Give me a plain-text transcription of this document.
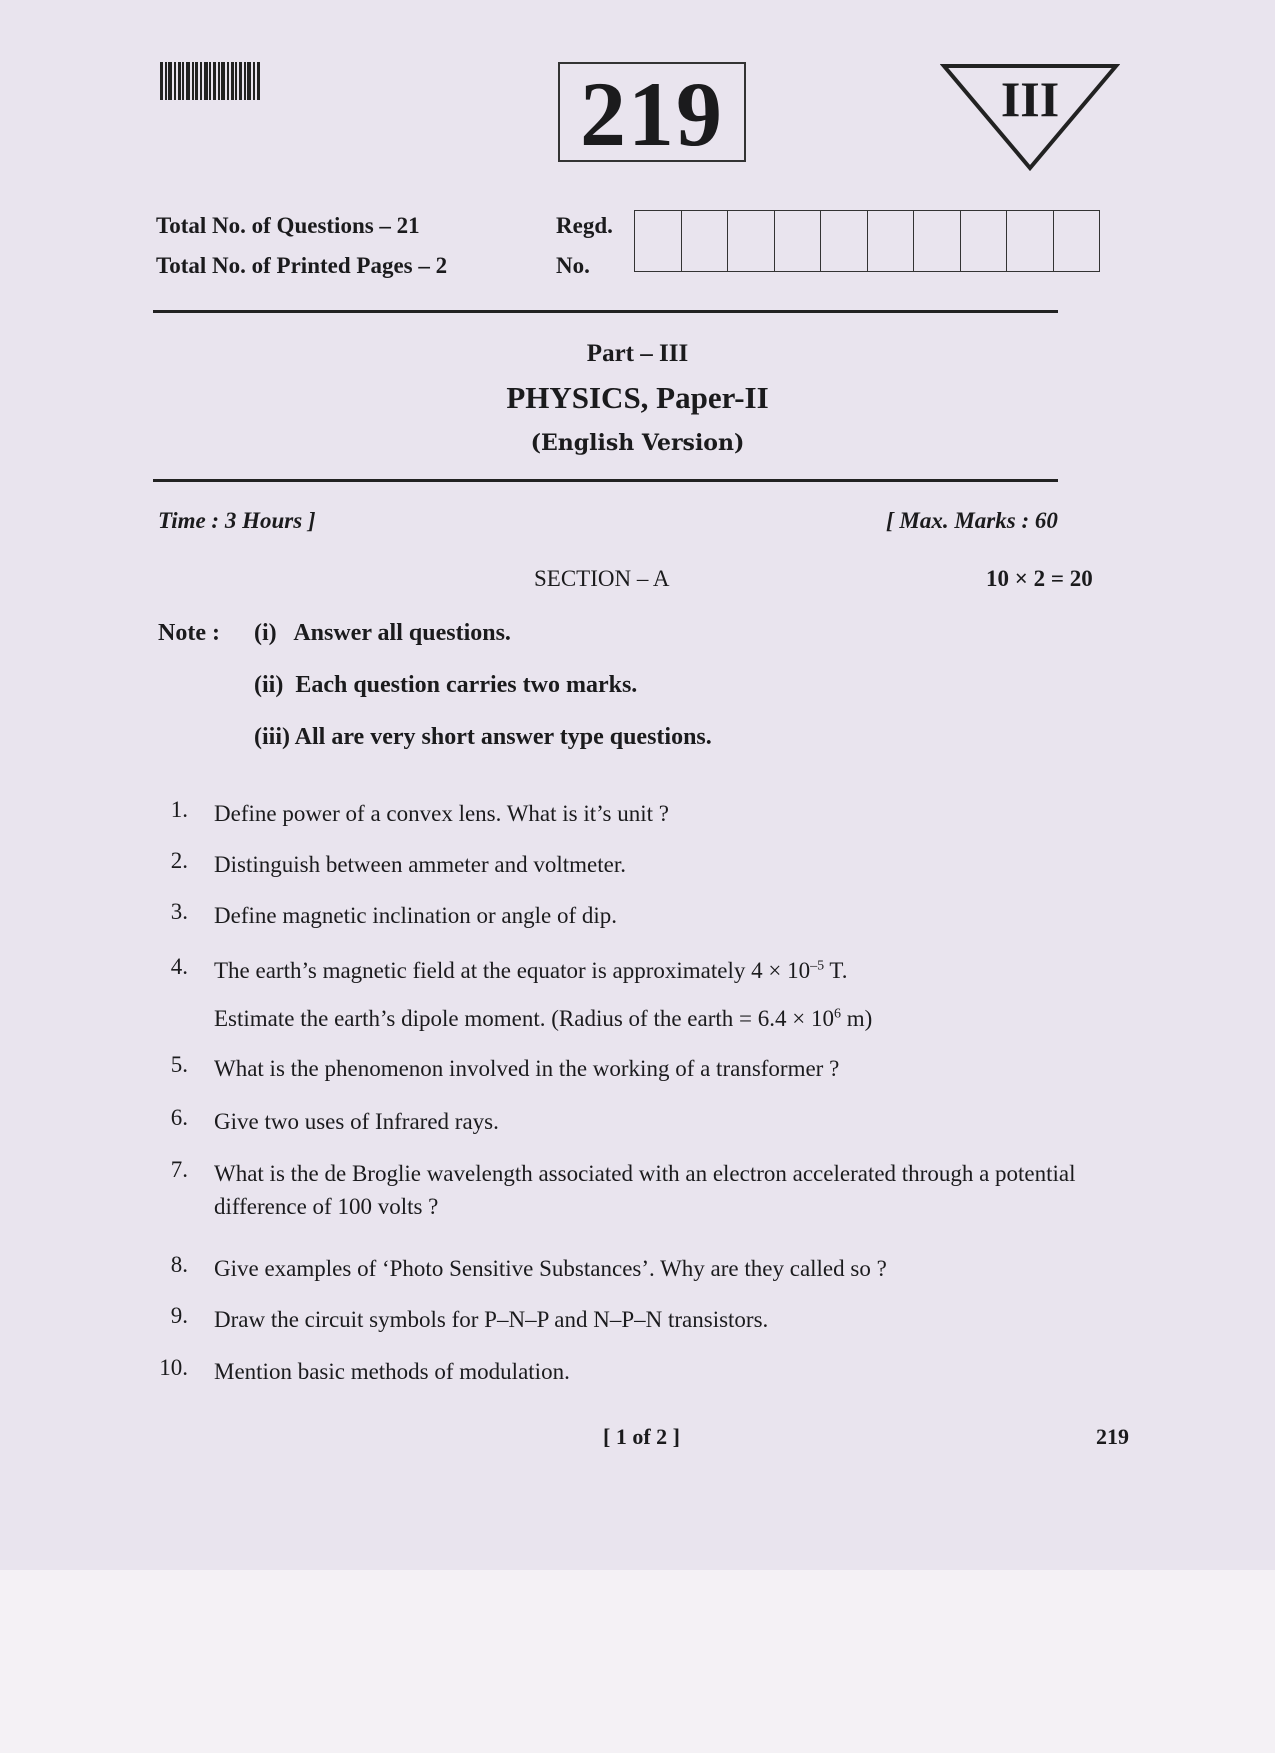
219	III
Total No. of Questions – 21	Regd.
Total No. of Printed Pages – 2	No.
Part – III
PHYSICS, Paper-II
(English Version)
Time : 3 Hours ]	[ Max. Marks : 60
SECTION – A	10 × 2 = 20
Note : (i)   Answer all questions.
(ii)  Each question carries two marks.
(iii) All are very short answer type questions.
1. Define power of a convex lens. What is it’s unit ?
2. Distinguish between ammeter and voltmeter.
3. Define magnetic inclination or angle of dip.
4. The earth’s magnetic field at the equator is approximately $4 \times 10^{-5}$ T.
Estimate the earth’s dipole moment. (Radius of the earth = $6.4 \times 10^6$ m)
5. What is the phenomenon involved in the working of a transformer ?
6. Give two uses of Infrared rays.
7. What is the de Broglie wavelength associated with an electron accelerated through a potential difference of 100 volts ?
8. Give examples of ‘Photo Sensitive Substances’. Why are they called so ?
9. Draw the circuit symbols for P–N–P and N–P–N transistors.
10. Mention basic methods of modulation.
[ 1 of 2 ]	219
